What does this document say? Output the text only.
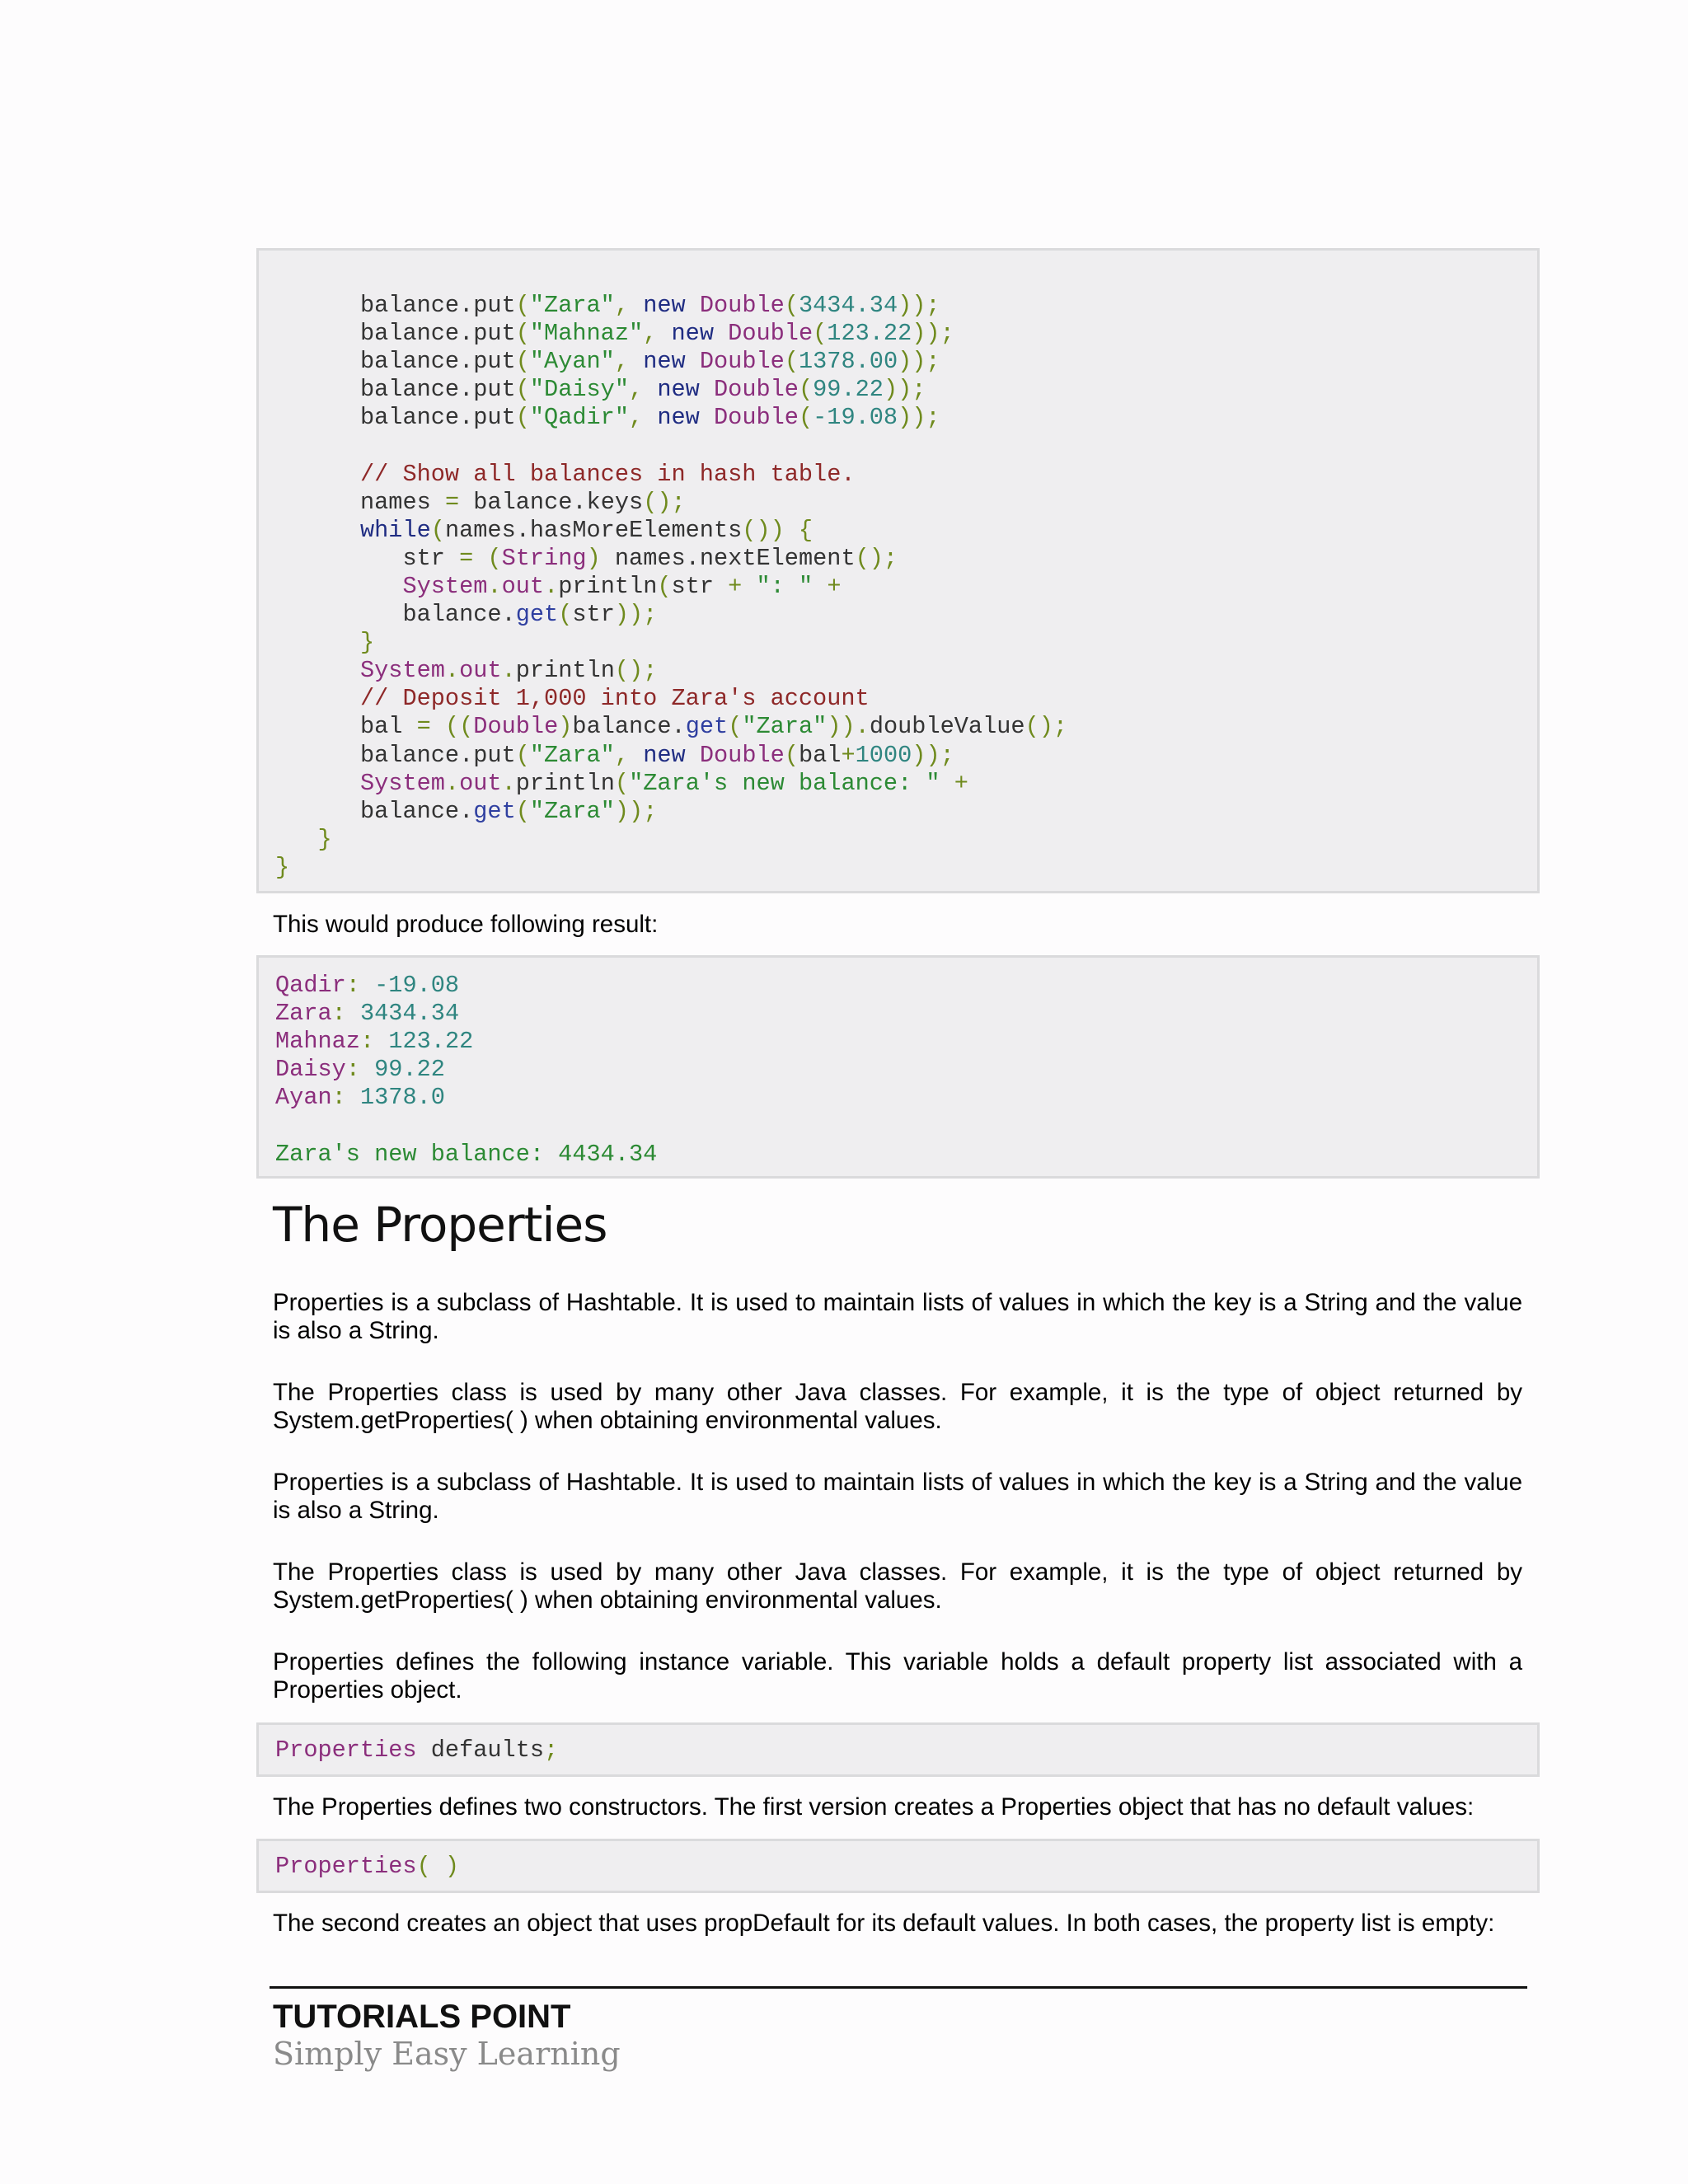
balance.put("Zara", new Double(3434.34));
balance.put("Mahnaz", new Double(123.22));
balance.put("Ayan", new Double(1378.00));
balance.put("Daisy", new Double(99.22));
balance.put("Qadir", new Double(-19.08));
// Show all balances in hash table.
names = balance.keys();
while(names.hasMoreElements()) {
str = (String) names.nextElement();
System.out.println(str + ": " +
balance.get(str));
}
System.out.println();
// Deposit 1,000 into Zara's account
bal = ((Double)balance.get("Zara")).doubleValue();
balance.put("Zara", new Double(bal+1000));
System.out.println("Zara's new balance: " +
balance.get("Zara"));
}
}

This would produce following result:

Qadir: -19.08
Zara: 3434.34
Mahnaz: 123.22
Daisy: 99.22
Ayan: 1378.0
Zara's new balance: 4434.34
The Properties

Properties is a subclass of Hashtable. It is used to maintain lists of values in which the key is a String and the value is also a String.

The Properties class is used by many other Java classes. For example, it is the type of object returned by System.getProperties( ) when obtaining environmental values.

Properties is a subclass of Hashtable. It is used to maintain lists of values in which the key is a String and the value is also a String.

The Properties class is used by many other Java classes. For example, it is the type of object returned by System.getProperties( ) when obtaining environmental values.

Properties defines the following instance variable. This variable holds a default property list associated with a Properties object.

Properties defaults;

The Properties defines two constructors. The first version creates a Properties object that has no default values:

Properties( )

The second creates an object that uses propDefault for its default values. In both cases, the property list is empty:

TUTORIALS POINT
Simply Easy Learning
